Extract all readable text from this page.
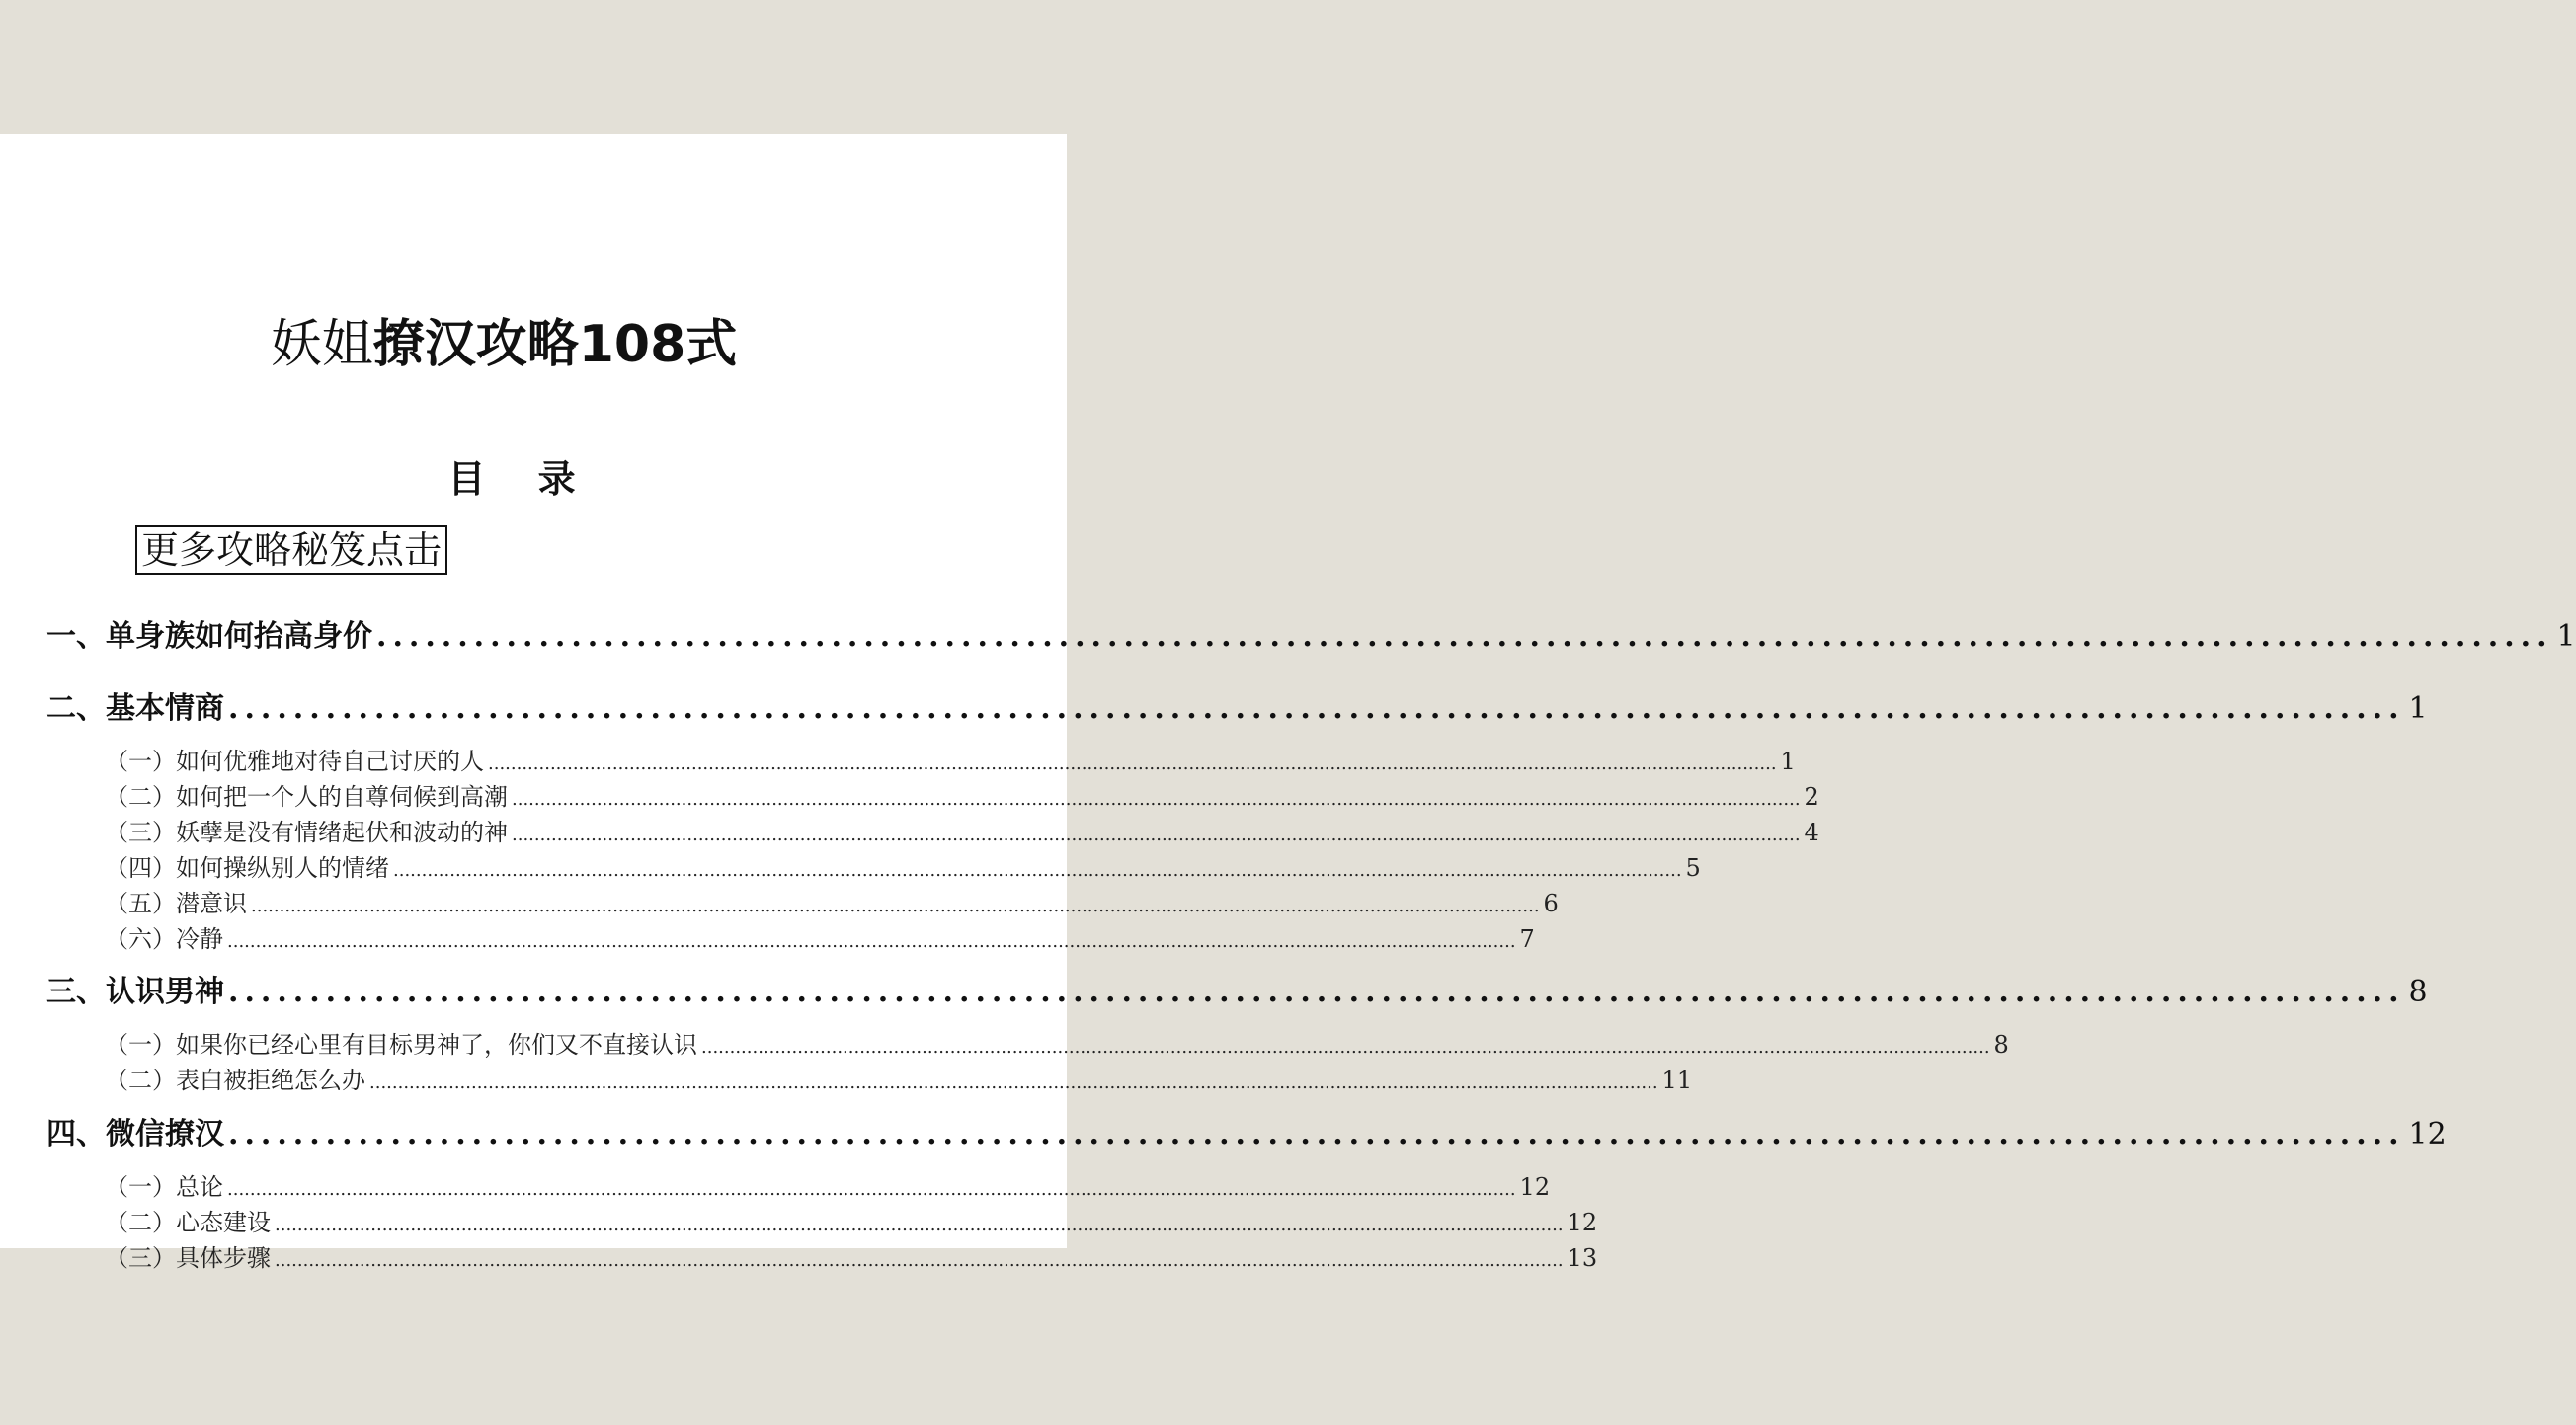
妖姐撩汉攻略108式
目 录
更多攻略秘笈点击
一、单身族如何抬高身价 .....	1
二、基本情商 .....	1
（一）如何优雅地对待自己讨厌的人 .....	1
（二）如何把一个人的自尊伺候到高潮 .....	2
（三）妖孽是没有情绪起伏和波动的神 .....	4
（四）如何操纵别人的情绪 .....	5
（五）潜意识 .....	6
（六）冷静 .....	7
三、认识男神 .....	8
（一）如果你已经心里有目标男神了，你们又不直接认识 .....	8
（二）表白被拒绝怎么办 .....	11
四、微信撩汉 .....	12
（一）总论 .....	12
（二）心态建设 .....	12
（三）具体步骤 .....	13
